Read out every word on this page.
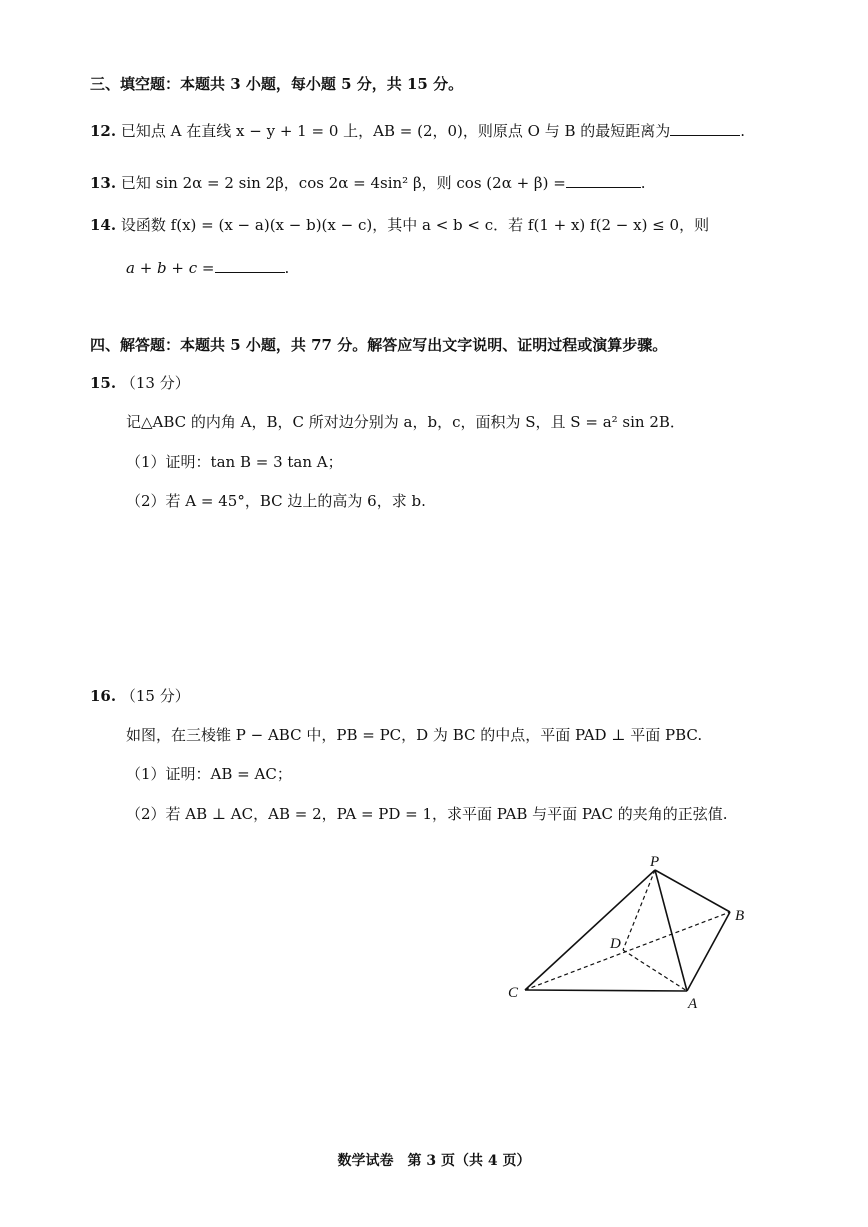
三、填空题：本题共 3 小题，每小题 5 分，共 15 分。
12. 已知点 A 在直线 x − y + 1 = 0 上，AB = (2，0)，则原点 O 与 B 的最短距离为	.
13. 已知 sin 2α = 2 sin 2β，cos 2α = 4sin² β，则 cos (2α + β) =	.
14. 设函数 f(x) = (x − a)(x − b)(x − c)，其中 a < b < c．若 f(1 + x) f(2 − x) ≤ 0，则
a + b + c =	.
四、解答题：本题共 5 小题，共 77 分。解答应写出文字说明、证明过程或演算步骤。
15. （13 分）
记△ABC 的内角 A，B，C 所对边分别为 a，b，c，面积为 S，且 S = a² sin 2B．
（1）证明：tan B = 3 tan A；
（2）若 A = 45°，BC 边上的高为 6，求 b.
16. （15 分）
如图，在三棱锥 P − ABC 中，PB = PC，D 为 BC 的中点，平面 PAD ⊥ 平面 PBC.
（1）证明：AB = AC；
（2）若 AB ⊥ AC，AB = 2，PA = PD = 1，求平面 PAB 与平面 PAC 的夹角的正弦值.
P
B
D
C
A
数学试卷　第 3 页（共 4 页）
